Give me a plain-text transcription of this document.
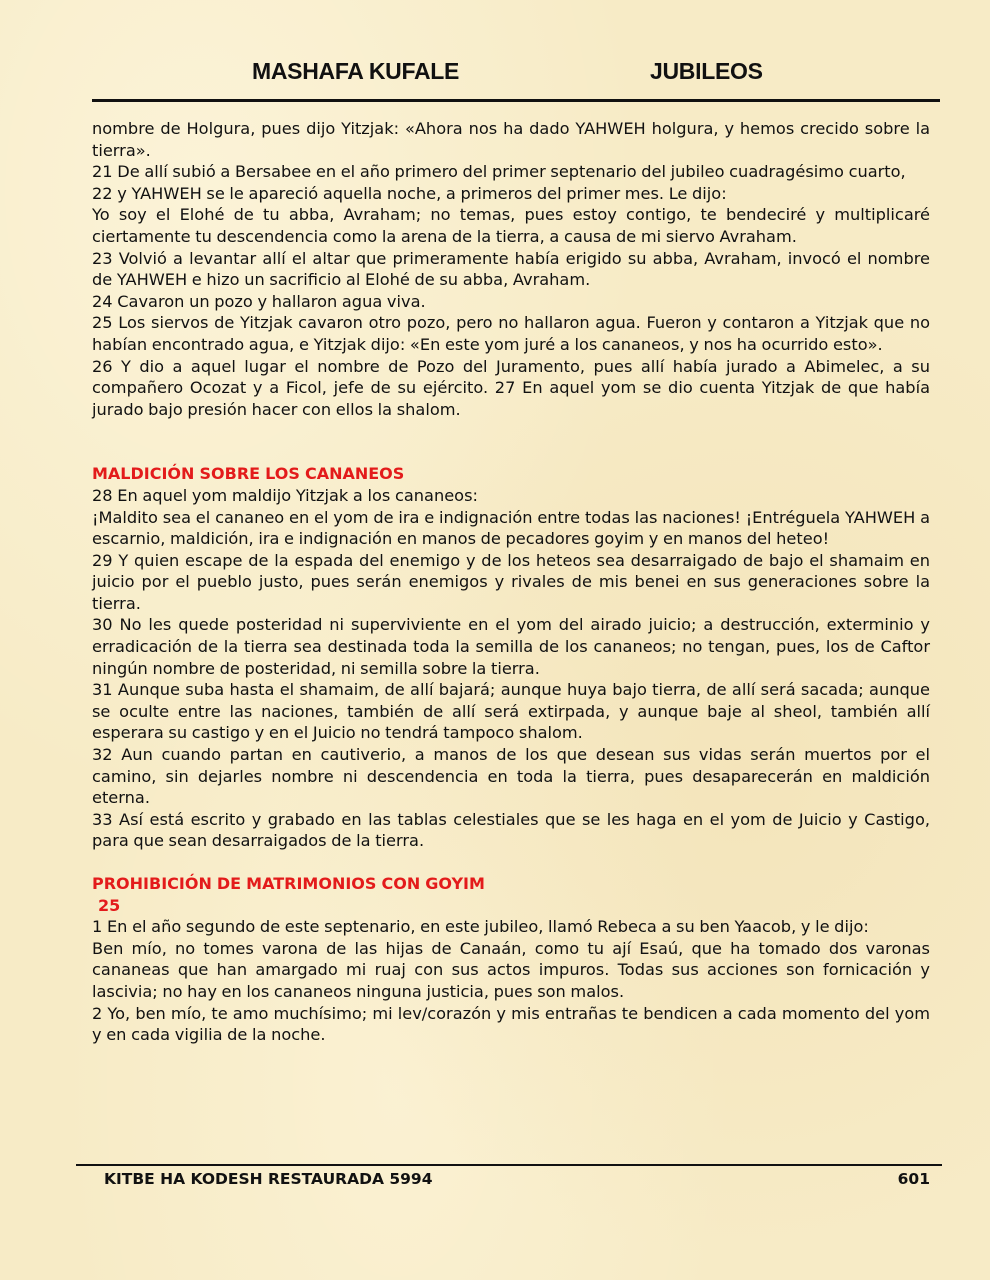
MASHAFA KUFALE	JUBILEOS

nombre de Holgura, pues dijo Yitzjak: «Ahora nos ha dado YAHWEH holgura, y hemos crecido sobre la tierra».

21 De allí subió a Bersabee en el año primero del primer septenario del jubileo cuadragésimo cuarto,

22 y YAHWEH se le apareció aquella noche, a primeros del primer mes. Le dijo:

Yo soy el Elohé de tu abba, Avraham; no temas, pues estoy contigo, te bendeciré y multiplicaré ciertamente tu descendencia como la arena de la tierra, a causa de mi siervo Avraham.

23 Volvió a levantar allí el altar que primeramente había erigido su abba, Avraham, invocó el nombre de YAHWEH e hizo un sacrificio al Elohé de su abba, Avraham.

24 Cavaron un pozo y hallaron agua viva.

25 Los siervos de Yitzjak cavaron otro pozo, pero no hallaron agua. Fueron y contaron a Yitzjak que no habían encontrado agua, e Yitzjak dijo: «En este yom juré a los cananeos, y nos ha ocurrido esto».

26 Y dio a aquel lugar el nombre de Pozo del Juramento, pues allí había jurado a Abimelec, a su compañero Ocozat y a Ficol, jefe de su ejército. 27 En aquel yom se dio cuenta Yitzjak de que había jurado bajo presión hacer con ellos la shalom.

MALDICIÓN SOBRE LOS CANANEOS

28 En aquel yom maldijo Yitzjak a los cananeos:

¡Maldito sea el cananeo en el yom de ira e indignación entre todas las naciones! ¡Entréguela YAHWEH a escarnio, maldición, ira e indignación en manos de pecadores goyim y en manos del heteo!

29 Y quien escape de la espada del enemigo y de los heteos sea desarraigado de bajo el shamaim en juicio por el pueblo justo, pues serán enemigos y rivales de mis benei en sus generaciones sobre la tierra.

30 No les quede posteridad ni superviviente en el yom del airado juicio; a destrucción, exterminio y erradicación de la tierra sea destinada toda la semilla de los cananeos; no tengan, pues, los de Caftor ningún nombre de posteridad, ni semilla sobre la tierra.

31 Aunque suba hasta el shamaim, de allí bajará; aunque huya bajo tierra, de allí será sacada; aunque se oculte entre las naciones, también de allí será extirpada, y aunque baje al sheol, también allí esperara su castigo y en el Juicio no tendrá tampoco shalom.

32 Aun cuando partan en cautiverio, a manos de los que desean sus vidas serán muertos por el camino, sin dejarles nombre ni descendencia en toda la tierra, pues desaparecerán en maldición eterna.

33 Así está escrito y grabado en las tablas celestiales que se les haga en el yom de Juicio y Castigo, para que sean desarraigados de la tierra.

PROHIBICIÓN DE MATRIMONIOS CON GOYIM

25

1 En el año segundo de este septenario, en este jubileo, llamó Rebeca a su ben Yaacob, y le dijo:

Ben mío, no tomes varona de las hijas de Canaán, como tu ají Esaú, que ha tomado dos varonas cananeas que han amargado mi ruaj con sus actos impuros. Todas sus acciones son fornicación y lascivia; no hay en los cananeos ninguna justicia, pues son malos.

2 Yo, ben mío, te amo muchísimo; mi lev/corazón y mis entrañas te bendicen a cada momento del yom y en cada vigilia de la noche.

KITBE HA KODESH RESTAURADA 5994	601
